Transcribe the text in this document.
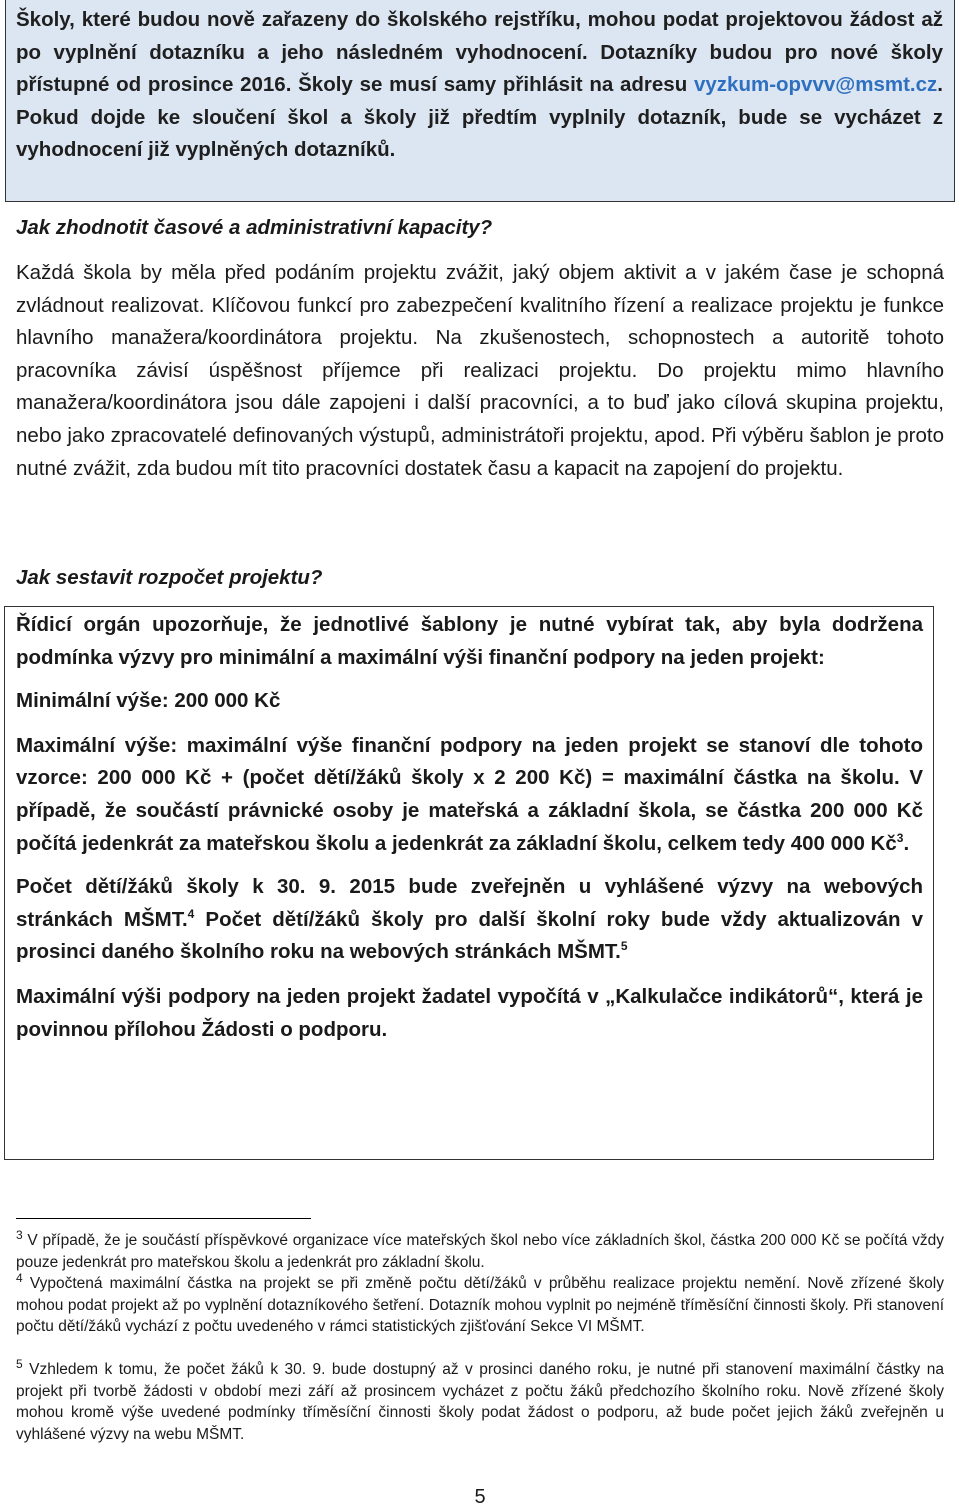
Školy, které budou nově zařazeny do školského rejstříku, mohou podat projektovou žádost až po vyplnění dotazníku a jeho následném vyhodnocení. Dotazníky budou pro nové školy přístupné od prosince 2016. Školy se musí samy přihlásit na adresu vyzkum-opvvv@msmt.cz. Pokud dojde ke sloučení škol a školy již předtím vyplnily dotazník, bude se vycházet z vyhodnocení již vyplněných dotazníků.

Jak zhodnotit časové a administrativní kapacity?

Každá škola by měla před podáním projektu zvážit, jaký objem aktivit a v jakém čase je schopná zvládnout realizovat. Klíčovou funkcí pro zabezpečení kvalitního řízení a realizace projektu je funkce hlavního manažera/koordinátora projektu. Na zkušenostech, schopnostech a autoritě tohoto pracovníka závisí úspěšnost příjemce při realizaci projektu. Do projektu mimo hlavního manažera/koordinátora jsou dále zapojeni i další pracovníci, a to buď jako cílová skupina projektu, nebo jako zpracovatelé definovaných výstupů, administrátoři projektu, apod. Při výběru šablon je proto nutné zvážit, zda budou mít tito pracovníci dostatek času a kapacit na zapojení do projektu.

Jak sestavit rozpočet projektu?

Řídicí orgán upozorňuje, že jednotlivé šablony je nutné vybírat tak, aby byla dodržena podmínka výzvy pro minimální a maximální výši finanční podpory na jeden projekt:

Minimální výše: 200 000 Kč

Maximální výše: maximální výše finanční podpory na jeden projekt se stanoví dle tohoto vzorce: 200 000 Kč + (počet dětí/žáků školy x 2 200 Kč) = maximální částka na školu. V případě, že součástí právnické osoby je mateřská a základní škola, se částka 200 000 Kč počítá jedenkrát za mateřskou školu a jedenkrát za základní školu, celkem tedy 400 000 $Kč^3$.

Počet dětí/žáků školy k 30. 9. 2015 bude zveřejněn u vyhlášené výzvy na webových stránkách MŠMT.$^4$ Počet dětí/žáků školy pro další školní roky bude vždy aktualizován v prosinci daného školního roku na webových stránkách MŠMT.$^5$

Maximální výši podpory na jeden projekt žadatel vypočítá v „Kalkulačce indikátorů“, která je povinnou přílohou Žádosti o podporu.

$^3$ V případě, že je součástí příspěvkové organizace více mateřských škol nebo více základních škol, částka 200 000 Kč se počítá vždy pouze jedenkrát pro mateřskou školu a jedenkrát pro základní školu.

$^4$ Vypočtená maximální částka na projekt se při změně počtu dětí/žáků v průběhu realizace projektu nemění. Nově zřízené školy mohou podat projekt až po vyplnění dotazníkového šetření. Dotazník mohou vyplnit po nejméně tříměsíční činnosti školy. Při stanovení počtu dětí/žáků vychází z počtu uvedeného v rámci statistických zjišťování Sekce VI MŠMT.

$^5$ Vzhledem k tomu, že počet žáků k 30. 9. bude dostupný až v prosinci daného roku, je nutné při stanovení maximální částky na projekt při tvorbě žádosti v období mezi září až prosincem vycházet z počtu žáků předchozího školního roku. Nově zřízené školy mohou kromě výše uvedené podmínky tříměsíční činnosti školy podat žádost o podporu, až bude počet jejich žáků zveřejněn u vyhlášené výzvy na webu MŠMT.

5
